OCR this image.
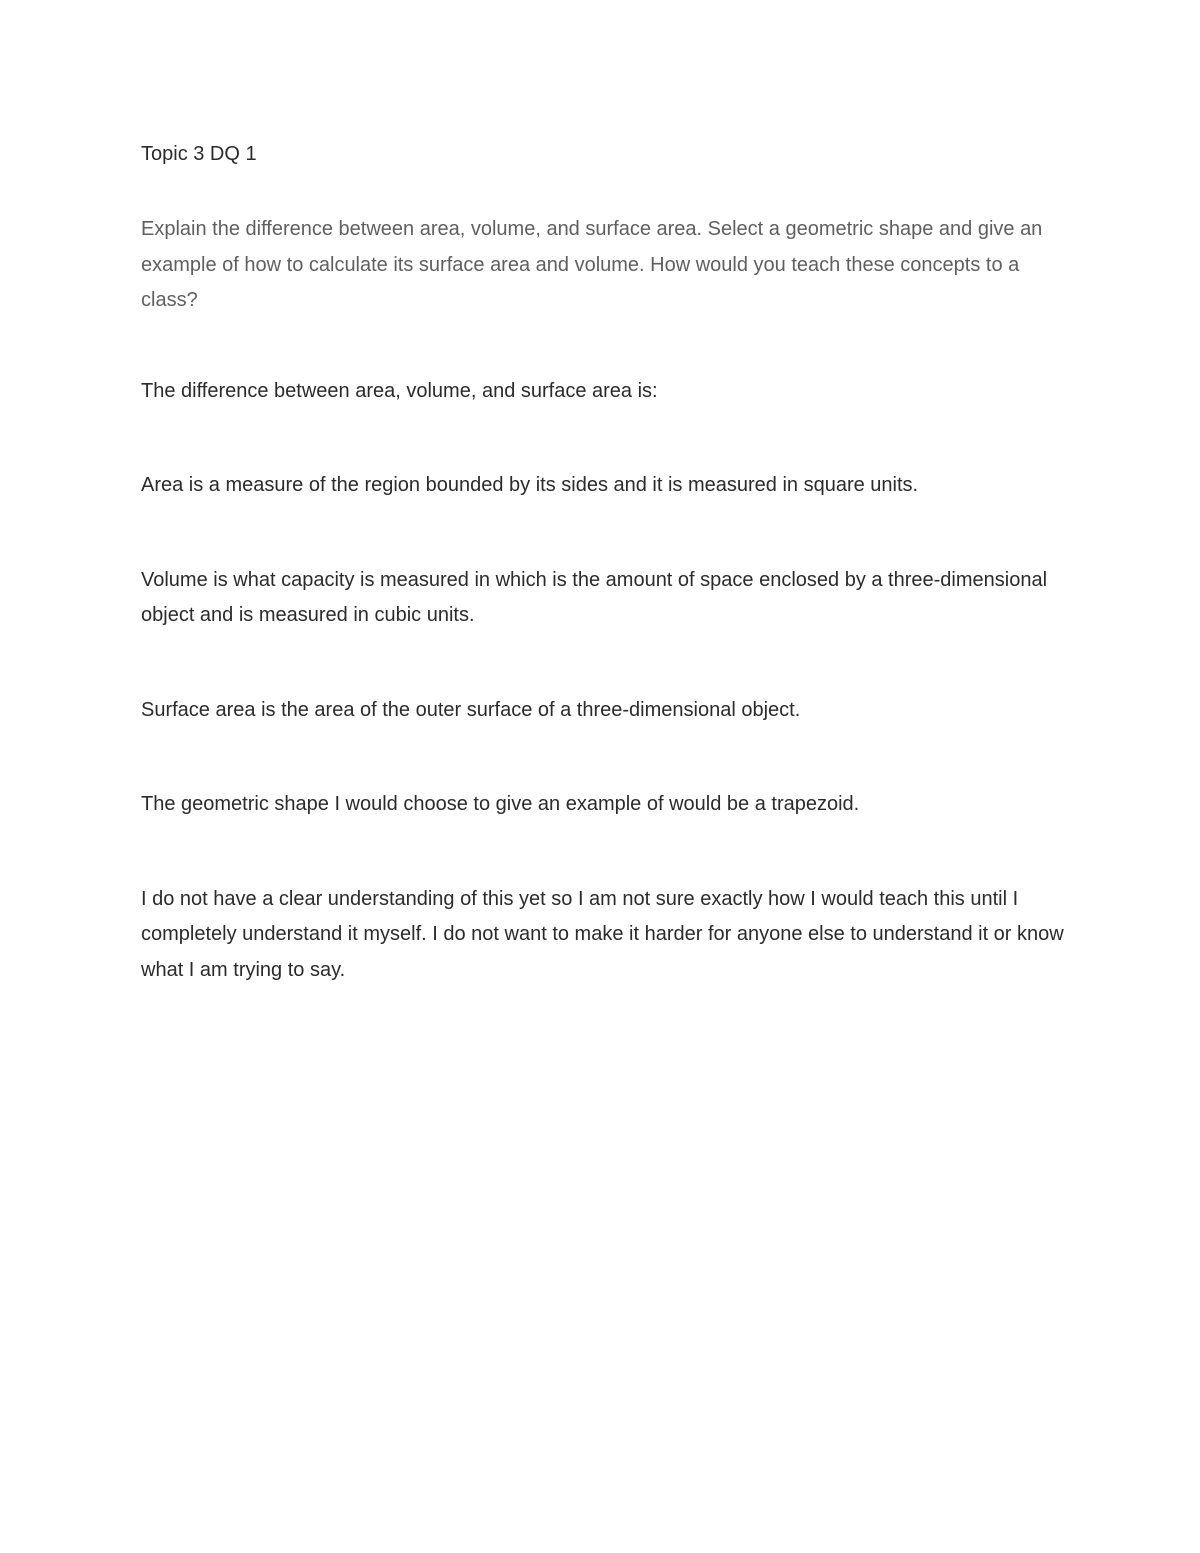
Topic 3 DQ 1
Explain the difference between area, volume, and surface area. Select a geometric shape and give an example of how to calculate its surface area and volume. How would you teach these concepts to a class?
The difference between area, volume, and surface area is:
Area is a measure of the region bounded by its sides and it is measured in square units.
Volume is what capacity is measured in which is the amount of space enclosed by a three-dimensional object and is measured in cubic units.
Surface area is the area of the outer surface of a three-dimensional object.
The geometric shape I would choose to give an example of would be a trapezoid.
I do not have a clear understanding of this yet so I am not sure exactly how I would teach this until I completely understand it myself. I do not want to make it harder for anyone else to understand it or know what I am trying to say.
